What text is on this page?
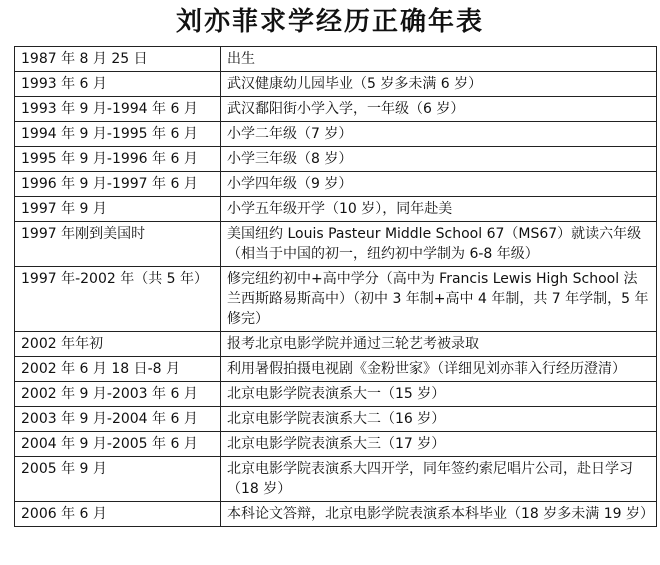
刘亦菲求学经历正确年表
1987 年 8 月 25 日	出生
1993 年 6 月	武汉健康幼儿园毕业（5 岁多未满 6 岁）
1993 年 9 月-1994 年 6 月	武汉鄱阳街小学入学，一年级（6 岁）
1994 年 9 月-1995 年 6 月	小学二年级（7 岁）
1995 年 9 月-1996 年 6 月	小学三年级（8 岁）
1996 年 9 月-1997 年 6 月	小学四年级（9 岁）
1997 年 9 月	小学五年级开学（10 岁），同年赴美
1997 年刚到美国时	美国纽约 Louis Pasteur Middle School 67（MS67）就读六年级（相当于中国的初一，纽约初中学制为 6-8 年级）
1997 年-2002 年（共 5 年）	修完纽约初中+高中学分（高中为 Francis Lewis High School 法兰西斯路易斯高中）（初中 3 年制+高中 4 年制，共 7 年学制，5 年修完）
2002 年年初	报考北京电影学院并通过三轮艺考被录取
2002 年 6 月 18 日-8 月	利用暑假拍摄电视剧《金粉世家》（详细见刘亦菲入行经历澄清）
2002 年 9 月-2003 年 6 月	北京电影学院表演系大一（15 岁）
2003 年 9 月-2004 年 6 月	北京电影学院表演系大二（16 岁）
2004 年 9 月-2005 年 6 月	北京电影学院表演系大三（17 岁）
2005 年 9 月	北京电影学院表演系大四开学，同年签约索尼唱片公司，赴日学习（18 岁）
2006 年 6 月	本科论文答辩，北京电影学院表演系本科毕业（18 岁多未满 19 岁）
